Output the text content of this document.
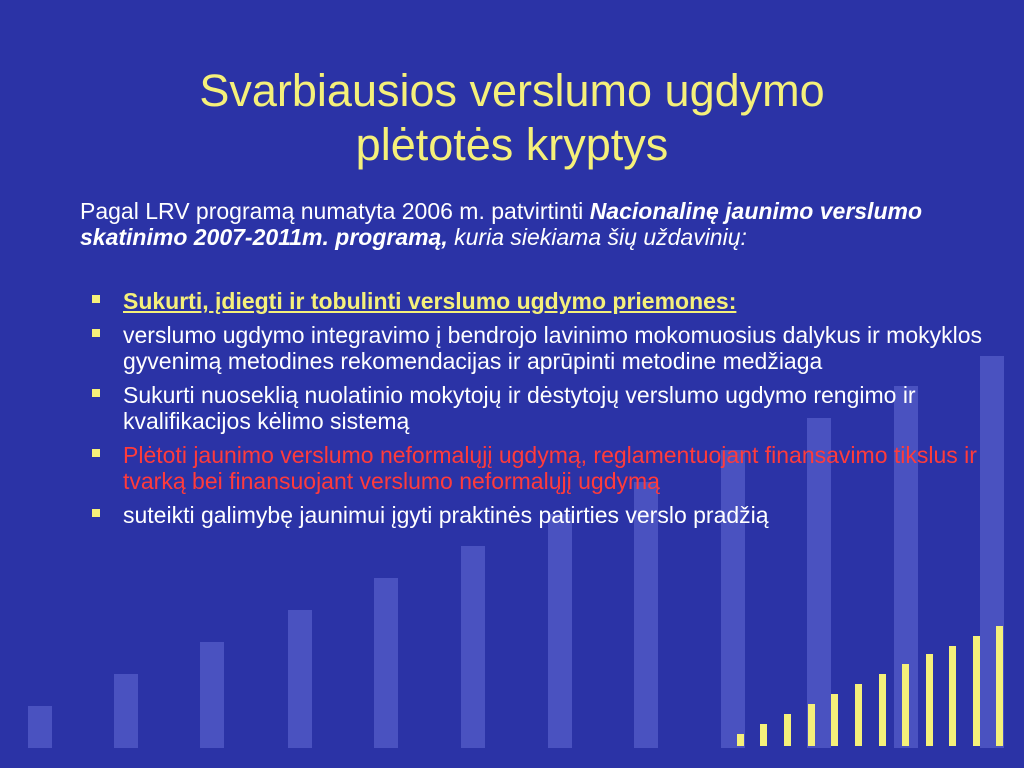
Svarbiausios verslumo ugdymo
plėtotės kryptys

Pagal LRV programą numatyta 2006 m. patvirtinti Nacionalinę jaunimo verslumo skatinimo 2007-2011m. programą, kuria siekiama šių uždavinių:

Sukurti, įdiegti ir tobulinti verslumo ugdymo priemones:
verslumo ugdymo integravimo į bendrojo lavinimo mokomuosius dalykus ir mokyklos gyvenimą metodines rekomendacijas ir aprūpinti metodine medžiaga
Sukurti nuoseklią nuolatinio mokytojų ir dėstytojų verslumo ugdymo rengimo ir kvalifikacijos kėlimo sistemą
Plėtoti jaunimo verslumo neformalųjį ugdymą, reglamentuojant finansavimo tikslus ir tvarką bei finansuojant verslumo neformalųjį ugdymą
suteikti galimybę jaunimui įgyti praktinės patirties verslo pradžią
